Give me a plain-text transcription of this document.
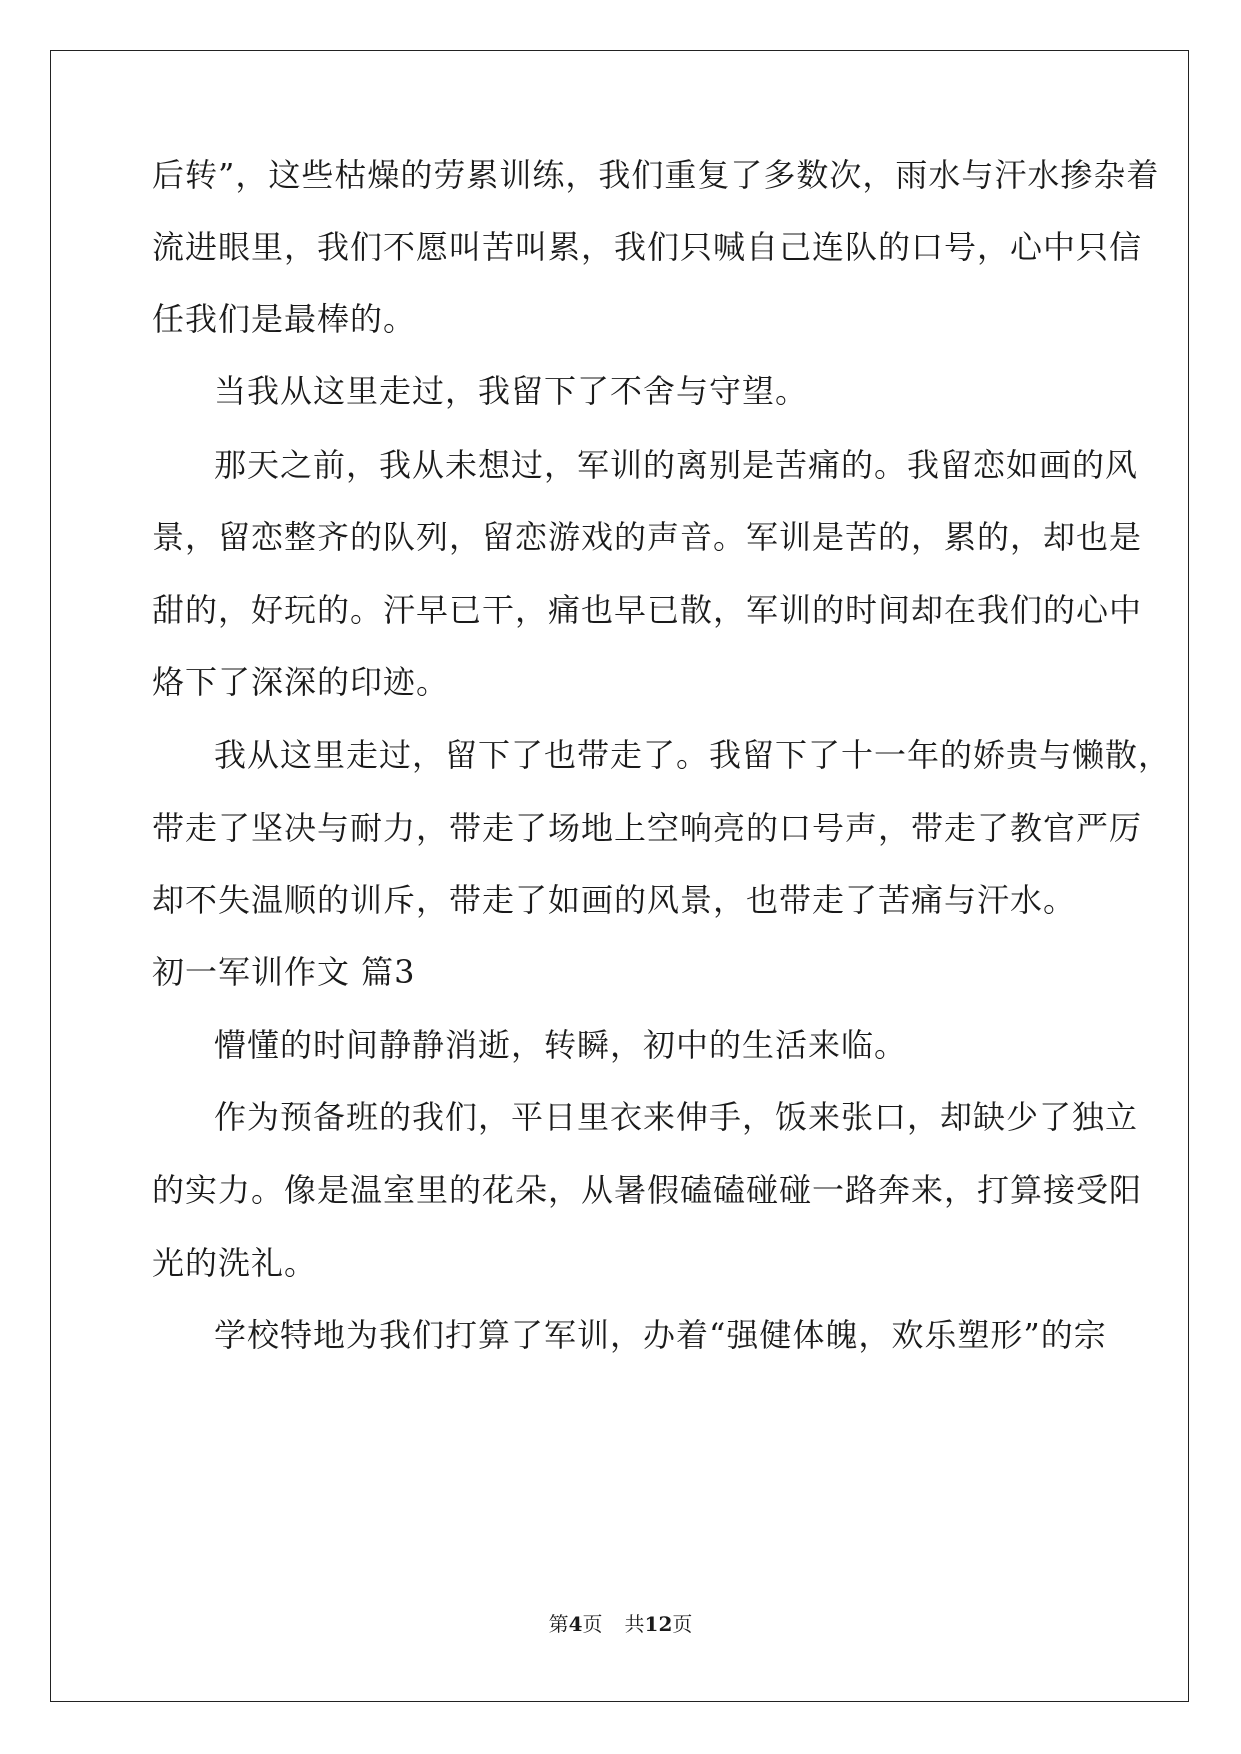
后转”，这些枯燥的劳累训练，我们重复了多数次，雨水与汗水掺杂着
流进眼里，我们不愿叫苦叫累，我们只喊自己连队的口号，心中只信
任我们是最棒的。
当我从这里走过，我留下了不舍与守望。
那天之前，我从未想过，军训的离别是苦痛的。我留恋如画的风
景，留恋整齐的队列，留恋游戏的声音。军训是苦的，累的，却也是
甜的，好玩的。汗早已干，痛也早已散，军训的时间却在我们的心中
烙下了深深的印迹。
我从这里走过，留下了也带走了。我留下了十一年的娇贵与懒散，
带走了坚决与耐力，带走了场地上空响亮的口号声，带走了教官严厉
却不失温顺的训斥，带走了如画的风景，也带走了苦痛与汗水。
初一军训作文 篇3
懵懂的时间静静消逝，转瞬，初中的生活来临。
作为预备班的我们，平日里衣来伸手，饭来张口，却缺少了独立
的实力。像是温室里的花朵，从暑假磕磕碰碰一路奔来，打算接受阳
光的洗礼。
学校特地为我们打算了军训，办着“强健体魄，欢乐塑形”的宗
第4页 共12页
